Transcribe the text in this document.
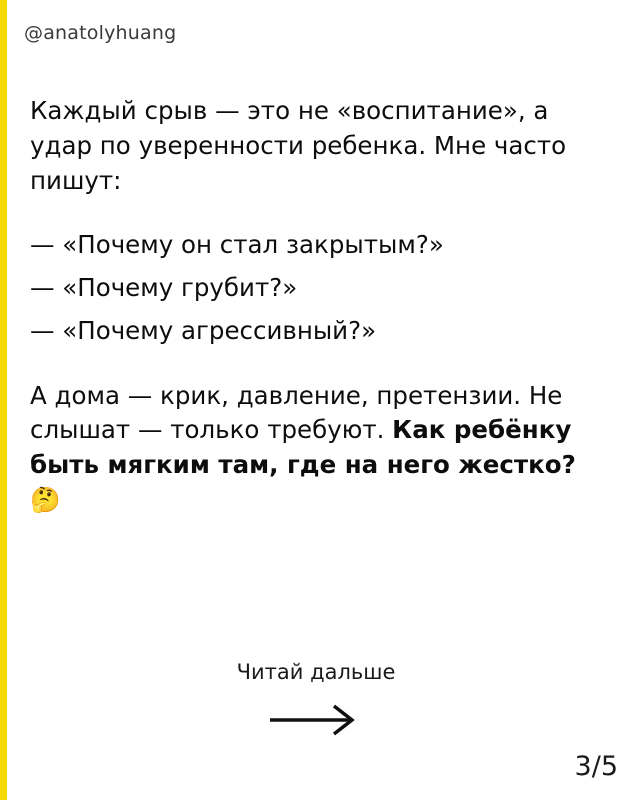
@anatolyhuang

Каждый срыв — это не «воспитание», а удар по уверенности ребенка. Мне часто пишут:

— «Почему он стал закрытым?»

— «Почему грубит?»

— «Почему агрессивный?»

А дома — крик, давление, претензии. Не слышат — только требуют. Как ребёнку быть мягким там, где на него жестко?🤔

Читай дальше
3/5
